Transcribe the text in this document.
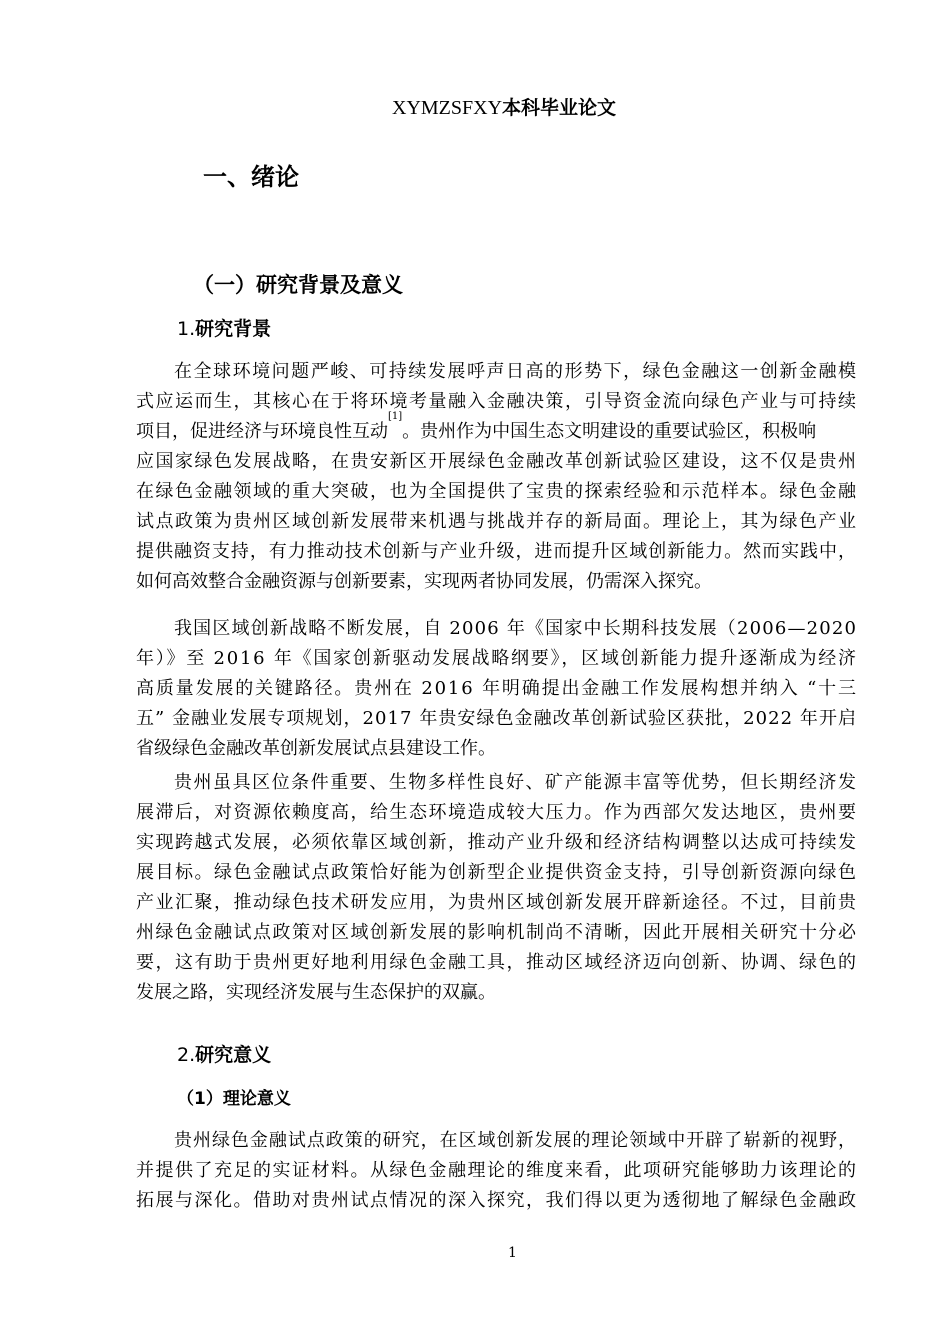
XYMZSFXY本科毕业论文
一、绪论
（一）研究背景及意义
1.研究背景
在全球环境问题严峻、可持续发展呼声日高的形势下，绿色金融这一创新金融模
式应运而生，其核心在于将环境考量融入金融决策，引导资金流向绿色产业与可持续
项目，促进经济与环境良性互动
[1]
。贵州作为中国生态文明建设的重要试验区，积极响
应国家绿色发展战略，在贵安新区开展绿色金融改革创新试验区建设，这不仅是贵州
在绿色金融领域的重大突破，也为全国提供了宝贵的探索经验和示范样本。绿色金融
试点政策为贵州区域创新发展带来机遇与挑战并存的新局面。理论上，其为绿色产业
提供融资支持，有力推动技术创新与产业升级，进而提升区域创新能力。然而实践中，
如何高效整合金融资源与创新要素，实现两者协同发展，仍需深入探究。
我国区域创新战略不断发展，自 2006 年《国家中长期科技发展（2006—2020
年）》至 2016 年《国家创新驱动发展战略纲要》，区域创新能力提升逐渐成为经济
高质量发展的关键路径。贵州在 2016 年明确提出金融工作发展构想并纳入 “十三
五” 金融业发展专项规划，2017 年贵安绿色金融改革创新试验区获批，2022 年开启
省级绿色金融改革创新发展试点县建设工作。
贵州虽具区位条件重要、生物多样性良好、矿产能源丰富等优势，但长期经济发
展滞后，对资源依赖度高，给生态环境造成较大压力。作为西部欠发达地区，贵州要
实现跨越式发展，必须依靠区域创新，推动产业升级和经济结构调整以达成可持续发
展目标。绿色金融试点政策恰好能为创新型企业提供资金支持，引导创新资源向绿色
产业汇聚，推动绿色技术研发应用，为贵州区域创新发展开辟新途径。不过，目前贵
州绿色金融试点政策对区域创新发展的影响机制尚不清晰，因此开展相关研究十分必
要，这有助于贵州更好地利用绿色金融工具，推动区域经济迈向创新、协调、绿色的
发展之路，实现经济发展与生态保护的双赢。
2.研究意义
（1）理论意义
贵州绿色金融试点政策的研究，在区域创新发展的理论领域中开辟了崭新的视野，
并提供了充足的实证材料。从绿色金融理论的维度来看，此项研究能够助力该理论的
拓展与深化。借助对贵州试点情况的深入探究，我们得以更为透彻地了解绿色金融政
1
